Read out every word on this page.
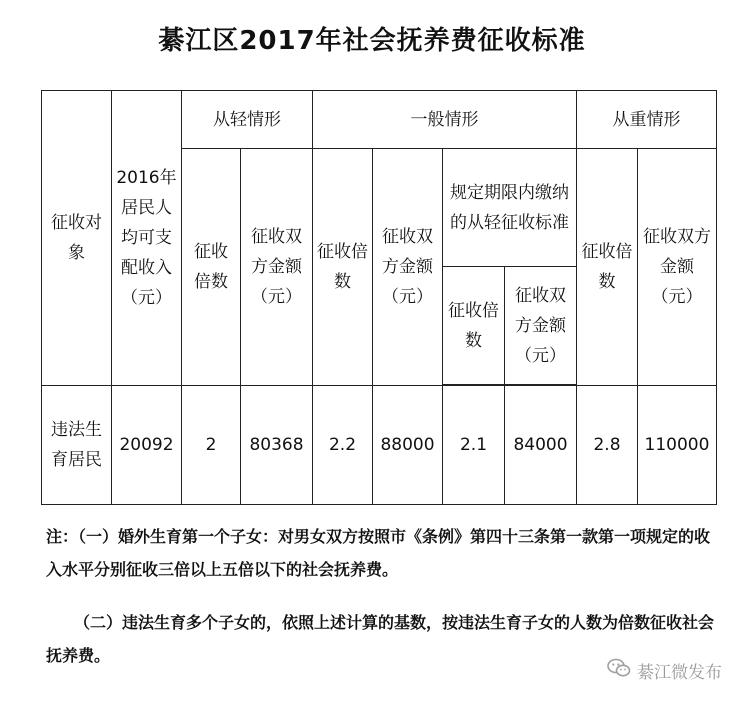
綦江区2017年社会抚养费征收标准
征收对象	2016年居民人均可支配收入（元）	从轻情形		一般情形				从重情形	
		征收倍数	征收双方金额（元）	征收倍数	征收双方金额（元）	规定期限内缴纳的从轻征收标准		征收倍数	征收双方金额（元）
						征收倍数	征收双方金额（元）		

违法生育居民	20092	2	80368	2.2	88000	2.1	84000	2.8	110000

注：（一）婚外生育第一个子女：对男女双方按照市《条例》第四十三条第一款第一项规定的收入水平分别征收三倍以上五倍以下的社会抚养费。

（二）违法生育多个子女的，依照上述计算的基数，按违法生育子女的人数为倍数征收社会抚养费。

綦江微发布
